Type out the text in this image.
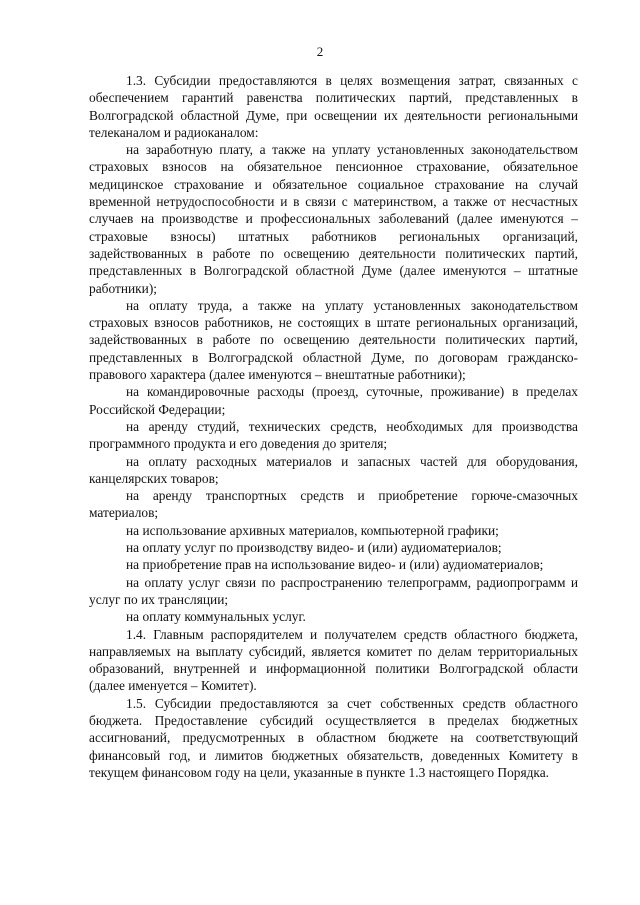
2

1.3. Субсидии предоставляются в целях возмещения затрат, связанных с обеспечением гарантий равенства политических партий, представленных в Волгоградской областной Думе, при освещении их деятельности региональными телеканалом и радиоканалом:

на заработную плату, а также на уплату установленных законодательством страховых взносов на обязательное пенсионное страхование, обязательное медицинское страхование и обязательное социальное страхование на случай временной нетрудоспособности и в связи с материнством, а также от несчастных случаев на производстве и профессиональных заболеваний (далее именуются – страховые взносы) штатных работников региональных организаций, задействованных в работе по освещению деятельности политических партий, представленных в Волгоградской областной Думе (далее именуются – штатные работники);

на оплату труда, а также на уплату установленных законодательством страховых взносов работников, не состоящих в штате региональных организаций, задействованных в работе по освещению деятельности политических партий, представленных в Волгоградской областной Думе, по договорам гражданско-правового характера (далее именуются – внештатные работники);

на командировочные расходы (проезд, суточные, проживание) в пределах Российской Федерации;

на аренду студий, технических средств, необходимых для производства программного продукта и его доведения до зрителя;

на оплату расходных материалов и запасных частей для оборудования, канцелярских товаров;

на аренду транспортных средств и приобретение горюче-смазочных материалов;

на использование архивных материалов, компьютерной графики;

на оплату услуг по производству видео- и (или) аудиоматериалов;

на приобретение прав на использование видео- и (или) аудиоматериалов;

на оплату услуг связи по распространению телепрограмм, радиопрограмм и услуг по их трансляции;

на оплату коммунальных услуг.

1.4. Главным распорядителем и получателем средств областного бюджета, направляемых на выплату субсидий, является комитет по делам территориальных образований, внутренней и информационной политики Волгоградской области (далее именуется – Комитет).

1.5. Субсидии предоставляются за счет собственных средств областного бюджета. Предоставление субсидий осуществляется в пределах бюджетных ассигнований, предусмотренных в областном бюджете на соответствующий финансовый год, и лимитов бюджетных обязательств, доведенных Комитету в текущем финансовом году на цели, указанные в пункте 1.3 настоящего Порядка.
